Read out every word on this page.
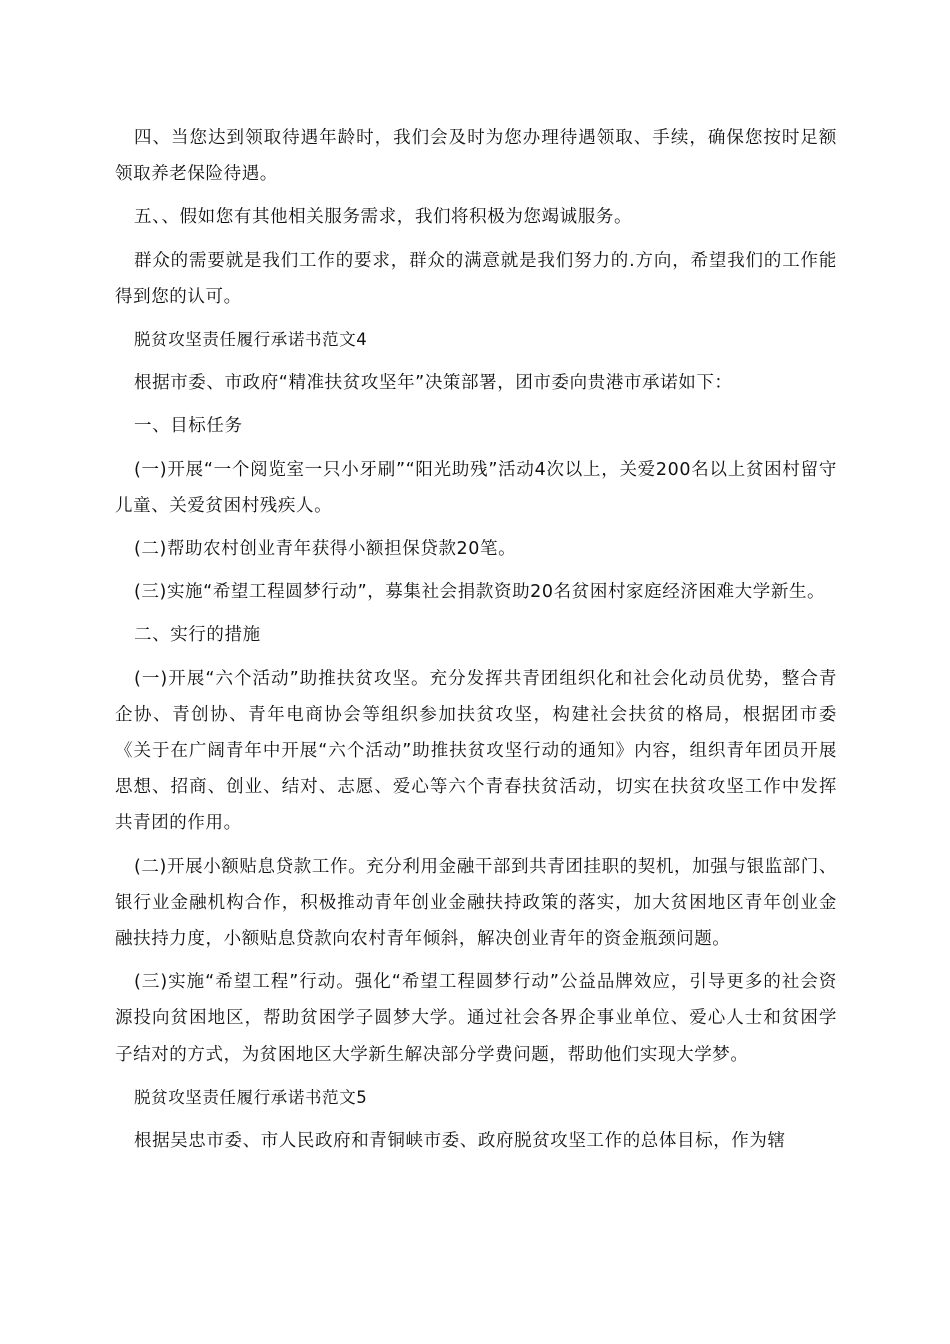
四、当您达到领取待遇年龄时，我们会及时为您办理待遇领取、手续，确保您按时足额领取养老保险待遇。

五、、假如您有其他相关服务需求，我们将积极为您竭诚服务。

群众的需要就是我们工作的要求，群众的满意就是我们努力的.方向，希望我们的工作能得到您的认可。

脱贫攻坚责任履行承诺书范文4

根据市委、市政府“精准扶贫攻坚年”决策部署，团市委向贵港市承诺如下：

一、目标任务

(一)开展“一个阅览室一只小牙刷”“阳光助残”活动4次以上，关爱200名以上贫困村留守儿童、关爱贫困村残疾人。

(二)帮助农村创业青年获得小额担保贷款20笔。

(三)实施“希望工程圆梦行动”，募集社会捐款资助20名贫困村家庭经济困难大学新生。

二、实行的措施

(一)开展“六个活动”助推扶贫攻坚。充分发挥共青团组织化和社会化动员优势，整合青企协、青创协、青年电商协会等组织参加扶贫攻坚，构建社会扶贫的格局，根据团市委《关于在广阔青年中开展“六个活动”助推扶贫攻坚行动的通知》内容，组织青年团员开展思想、招商、创业、结对、志愿、爱心等六个青春扶贫活动，切实在扶贫攻坚工作中发挥共青团的作用。

(二)开展小额贴息贷款工作。充分利用金融干部到共青团挂职的契机，加强与银监部门、银行业金融机构合作，积极推动青年创业金融扶持政策的落实，加大贫困地区青年创业金融扶持力度，小额贴息贷款向农村青年倾斜，解决创业青年的资金瓶颈问题。

(三)实施“希望工程”行动。强化“希望工程圆梦行动”公益品牌效应，引导更多的社会资源投向贫困地区，帮助贫困学子圆梦大学。通过社会各界企事业单位、爱心人士和贫困学子结对的方式，为贫困地区大学新生解决部分学费问题，帮助他们实现大学梦。

脱贫攻坚责任履行承诺书范文5

根据吴忠市委、市人民政府和青铜峡市委、政府脱贫攻坚工作的总体目标，作为辖
